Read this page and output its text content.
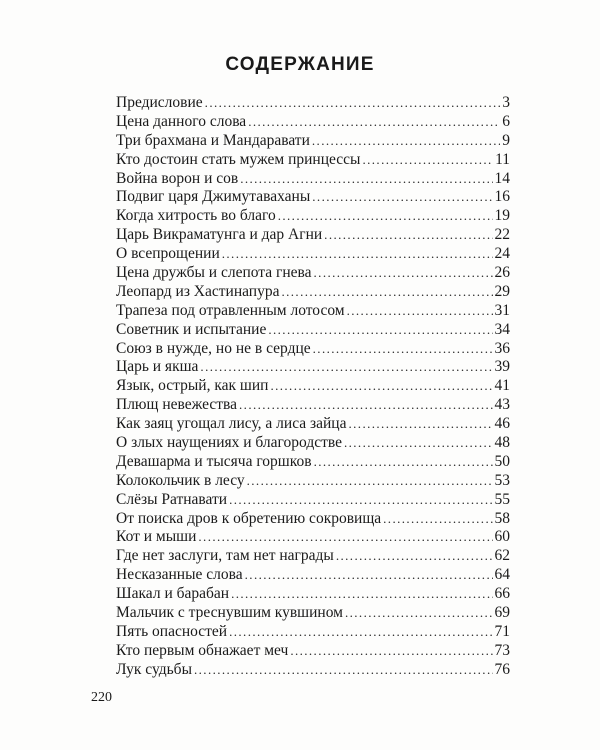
СОДЕРЖАНИЕ
Предисловие .....	3
Цена данного слова .....	6
Три брахмана и Мандаравати .....	9
Кто достоин стать мужем принцессы .....	11
Война ворон и сов .....	14
Подвиг царя Джимутаваханы .....	16
Когда хитрость во благо .....	19
Царь Викраматунга и дар Агни .....	22
О всепрощении .....	24
Цена дружбы и слепота гнева .....	26
Леопард из Хастинапура .....	29
Трапеза под отравленным лотосом .....	31
Советник и испытание .....	34
Союз в нужде, но не в сердце .....	36
Царь и якша .....	39
Язык, острый, как шип .....	41
Плющ невежества .....	43
Как заяц угощал лису, а лиса зайца .....	46
О злых наущениях и благородстве .....	48
Девашарма и тысяча горшков .....	50
Колокольчик в лесу .....	53
Слёзы Ратнавати .....	55
От поиска дров к обретению сокровища .....	58
Кот и мыши .....	60
Где нет заслуги, там нет награды .....	62
Несказанные слова .....	64
Шакал и барабан .....	66
Мальчик с треснувшим кувшином .....	69
Пять опасностей .....	71
Кто первым обнажает меч .....	73
Лук судьбы .....	76

220
